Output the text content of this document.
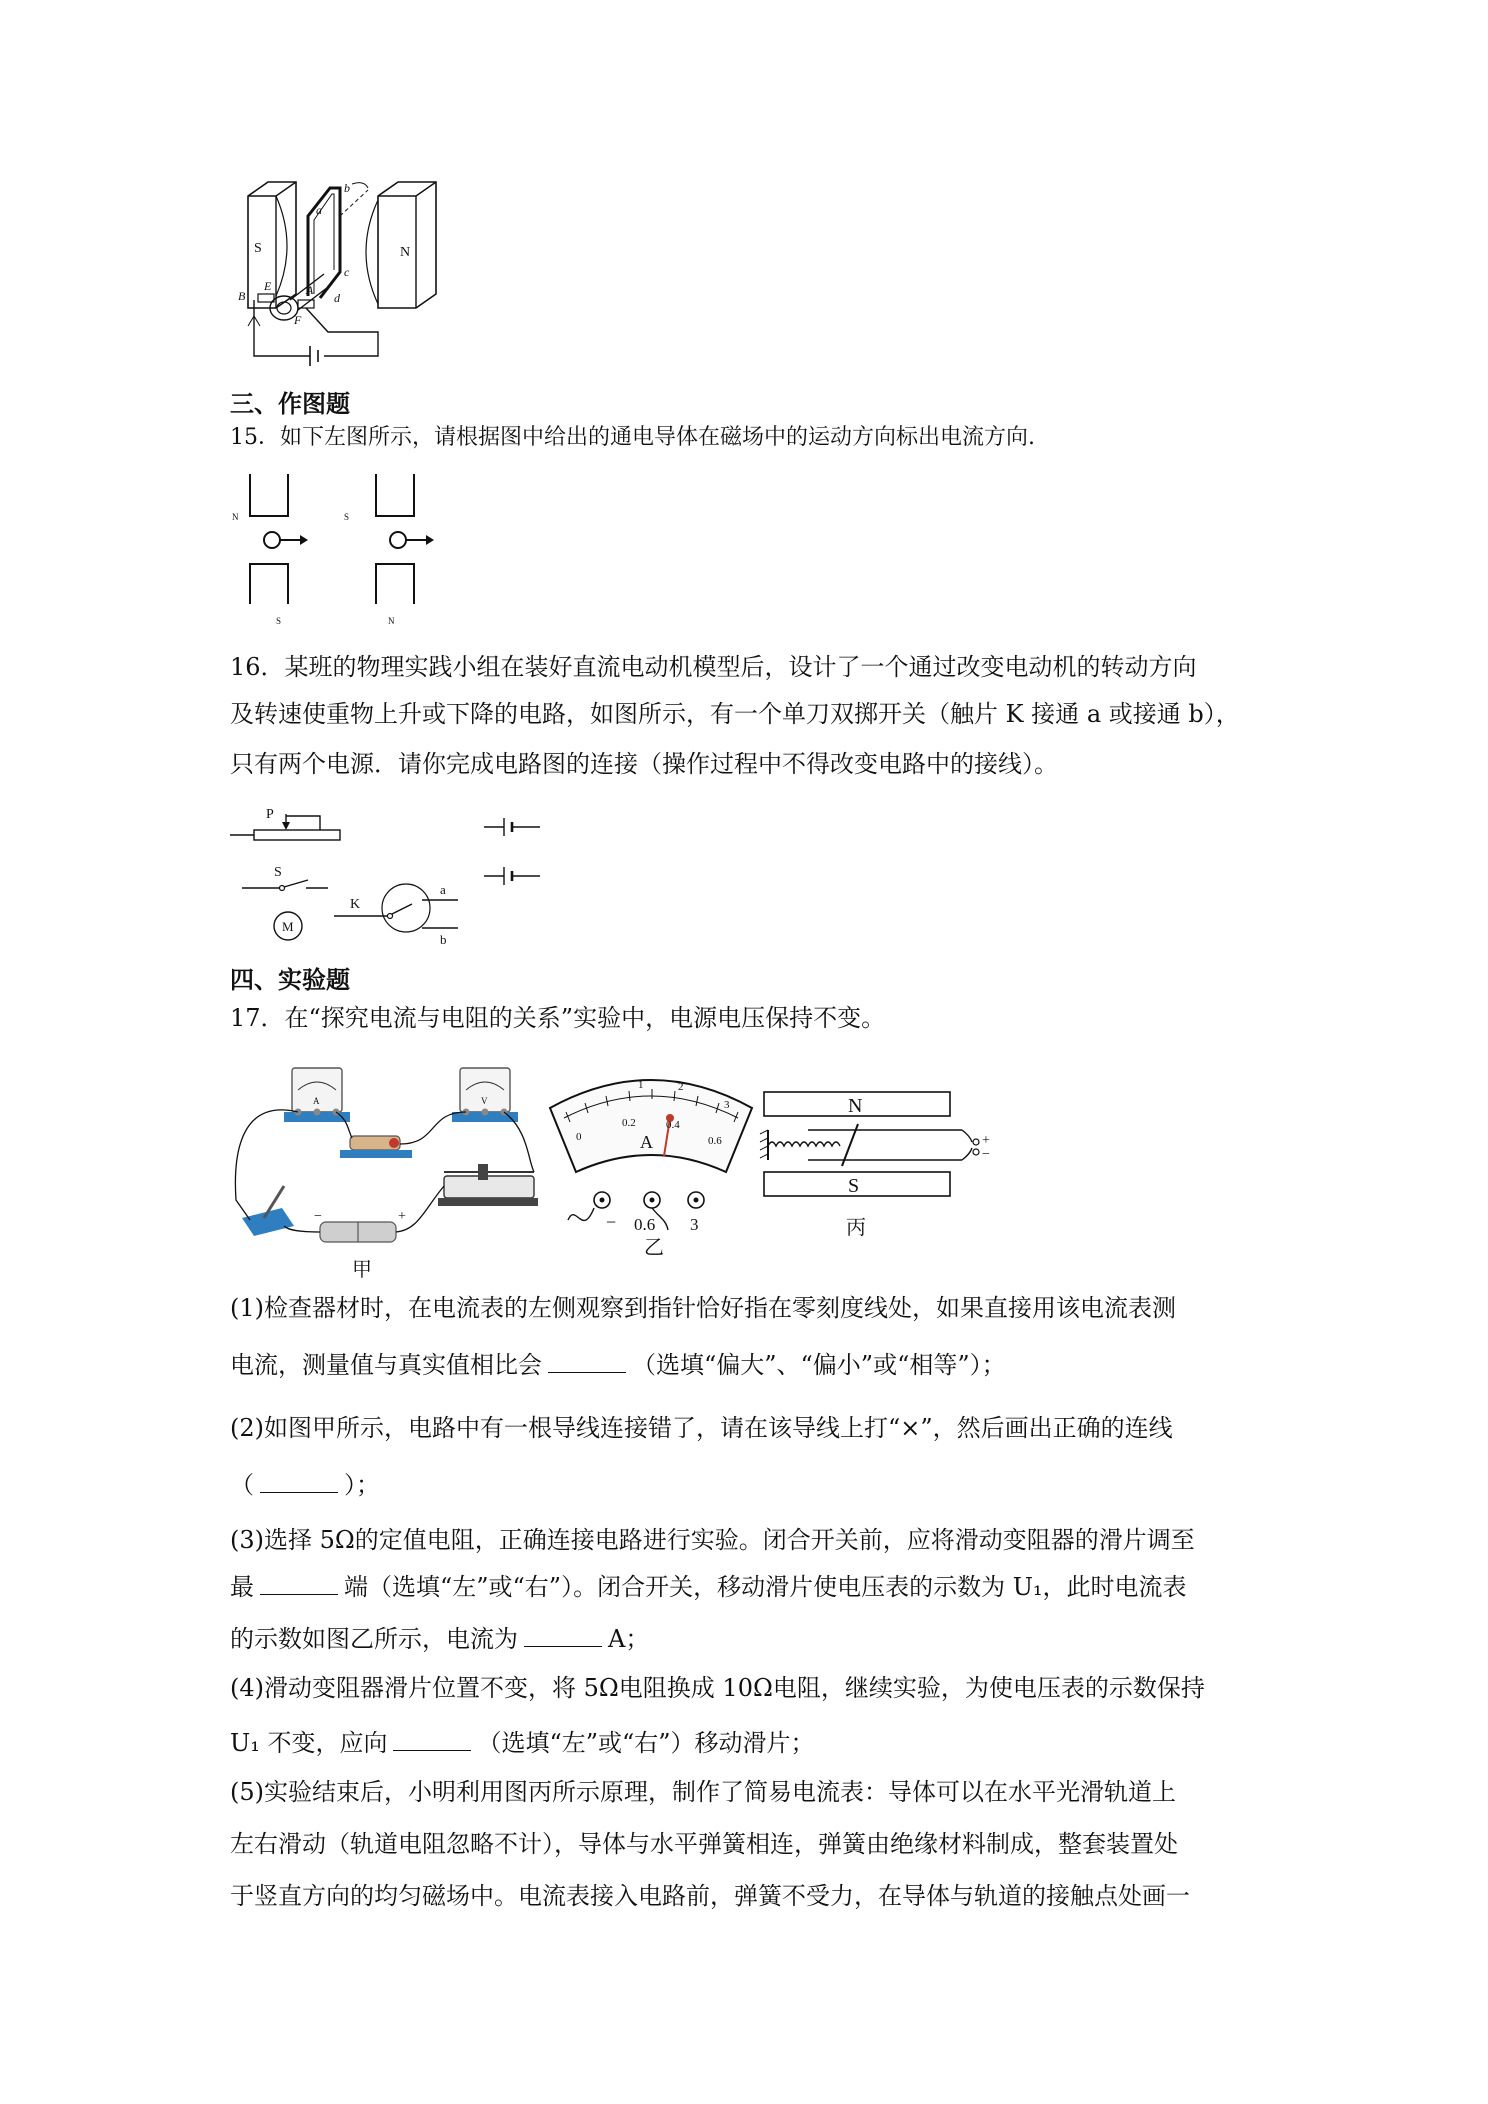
S	N
a
b
c
d
B
E	A
F
三、作图题
15．如下左图所示，请根据图中给出的通电导体在磁场中的运动方向标出电流方向.
N
S
S
N
16．某班的物理实践小组在装好直流电动机模型后，设计了一个通过改变电动机的转动方向
及转速使重物上升或下降的电路，如图所示，有一个单刀双掷开关（触片 K 接通 a 或接通 b），
只有两个电源．请你完成电路图的连接（操作过程中不得改变电路中的接线）。
P
S
M
K
a
b
四、实验题
17．在“探究电流与电阻的关系”实验中，电源电压保持不变。
A	V
−	+
甲
0
0.2	0.4
0.6
1	2
3
A
− 0.6 3
乙
N
S
+
−
丙
(1)检查器材时，在电流表的左侧观察到指针恰好指在零刻度线处，如果直接用该电流表测
电流，测量值与真实值相比会	（选填“偏大”、“偏小”或“相等”）；
(2)如图甲所示，电路中有一根导线连接错了，请在该导线上打“×”，然后画出正确的连线
（	）；
(3)选择 5Ω的定值电阻，正确连接电路进行实验。闭合开关前，应将滑动变阻器的滑片调至
最	端（选填“左”或“右”）。闭合开关，移动滑片使电压表的示数为 U₁，此时电流表
的示数如图乙所示，电流为	A；
(4)滑动变阻器滑片位置不变，将 5Ω电阻换成 10Ω电阻，继续实验，为使电压表的示数保持
U₁ 不变，应向	（选填“左”或“右”）移动滑片；
(5)实验结束后，小明利用图丙所示原理，制作了简易电流表：导体可以在水平光滑轨道上
左右滑动（轨道电阻忽略不计），导体与水平弹簧相连，弹簧由绝缘材料制成，整套装置处
于竖直方向的均匀磁场中。电流表接入电路前，弹簧不受力，在导体与轨道的接触点处画一
